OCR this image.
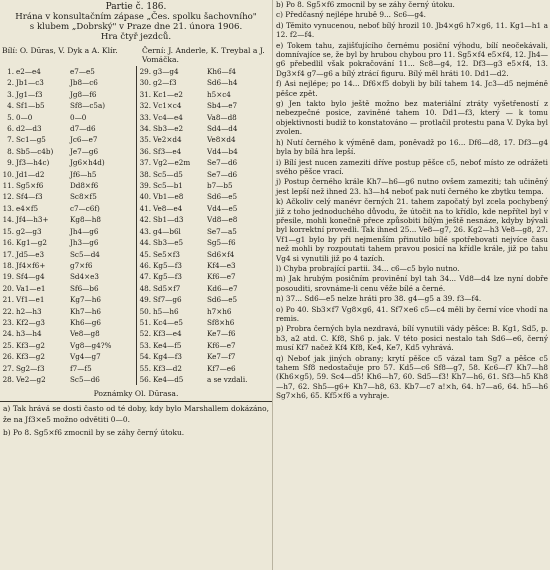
Partie č. 186.
Hrána v konsultačním zápase „Čes. spolku šachovního"
s klubem „Dobrský" v Praze dne 21. února 1906.
Hra čtyř jezdců.
Bílí: O. Dūras, V. Dyk a A. Klír.	Černí: J. Anderle, K. Treybal a J. Vomáčka.
1. e2—e4	e7—e5
2. Jb1—c3	Jb8—c6
3. Jg1—f3	Jg8—f6
4. Sf1—b5	Sf8—c5a)
5. 0—0	0—0
6. d2—d3	d7—d6
7. Sc1—g5	Jc6—e7
8. Sb5—c4b)	Je7—g6
9. Jf3—h4c)	Jg6×h4d)
10. Jd1—d2	Jf6—h5
11. Sg5×f6	Dd8×f6
12. Sf4—f3	Sc8×f5
13. e4×f5	c7—c6f)
14. Jf4—h3+	Kg8—h8
15. g2—g3	Jh4—g6
16. Kg1—g2	Jh3—g6
17. Jd5—e3	Sc5—d4
18. Jf4×f6+	g7×f6
19. Sf4—g4	Sd4×e3
20. Va1—e1	Sf6—b6
21. Vf1—e1	Kg7—h6
22. h2—h3	Kh7—h6
23. Kf2—g3	Kh6—g6
24. h3—h4	Ve8—g8
25. Kf3—g2	Vg8—g4?%
26. Kf3—g2	Vg4—g7
27. Sg2—f3	f7—f5
28. Ve2—g2	Sc5—d6
29. g3—g4	Kh6—f4
30. g2—f3	Sd6—h4
31. Kc1—e2	h5×c4
32. Vc1×c4	Sb4—e7
33. Vc4—e4	Va8—d8
34. Sb3—e2	Sd4—d4
35. Ve2×d4	Ve8×d4
36. Sf3—e4	Vd4—b4
37. Vg2—e2m	Se7—d6
38. Sc5—d5	Se7—d6
39. Sc5—b1	b7—b5
40. Vb1—e8	Sd6—e5
41. Ve8—e4	Vd4—e5
42. Sb1—d3	Vd8—e8
43. g4—b6l	Se7—a5
44. Sb3—e5	Sg5—f6
45. Se5×f3	Sd6×f4
46. Kg5—f3	Kf4—e3
47. Kg5—f3	Kf6—e7
48. Sd5×f7	Kd6—e7
49. Sf7—g6	Sd6—e5
50. h5—h6	h7×h6
51. Kc4—e5	Sf8×h6
52. Kf3—e4	Ke7—f6
53. Ke4—f5	Kf6—e7
54. Kg4—f3	Ke7—f7
55. Kf3—d2	Kf7—e6
56. Ke4—d5	a se vzdali.
Poznámky Ol. Dūrasa.
a) Tak hrává se dosti často od té doby, kdy bylo Marshallem dokázáno, že na Jf3×e5 možno odvětiti 0—0.
b) Po 8. Sg5×f6 zmocnil by se záhy černý útoku.
b) Po 8. Sg5×f6 zmocnil by se záhy černý útoku.
c) Předčasný nejlépe hrubě 9... Sc6—g4.
d) Těmito vynucenou, neboť bílý hrozil 10. Jb4×g6 h7×g6, 11. Kg1—h1 a 12. f2—f4.
e) Tokem tahu, zajišťujícího černému posiční výhodu, bílí neočekávali, domnívajíce se, že byl by hrubou chybou pro 11. Sg5×f4 e5×f4, 12. Jh4—g6 přebedlil však pokračování 11... Sc8—g4, 12. Df3—g3 e5×f4, 13. Dg3×f4 g7—g6 a bílý ztrácí figuru. Bílý měl hráti 10. Dd1—d2.
f) Asi nejlépe; po 14... Df6×f5 dobyli by bílí tahem 14. Jc3—d5 nejméně pěšce zpět.
g) Jen takto bylo ještě možno bez materiální ztráty vyšetřeností z nebezpečné posice, zaviněné tahem 10. Dd1—f3, který — k tomu objektivnosti budiž to konstatováno — protlačil protestu pana V. Dyka byl zvolen.
h) Nutí černého k výměně dam, poněvadž po 16... Df6—d8, 17. Df3—g4 byla by bílá hra lepší.
i) Bílí jest nucen zameziti dříve postup pěšce c5, neboť místo ze odrážeti svého pěšce vrací.
j) Postup černého krále Kh7—h6—g6 nutno ovšem zameziti; tah učiněný jest lepší než ihned 23. h3—h4 neboť pak nutí černého ke zbytku tempa.
k) Ačkoliv celý manévr černých 21. tahem započatý byl zcela pochybený již z toho jednoduchého důvodu, že útočit na to křídlo, kde nepřítel byl v přesile, mohli konečně přece způsobiti bílým ještě nesnáze, kdyby bývali byl korrektní provedli. Tak ihned 25... Ve8—g7, 26. Kg2—h3 Ve8—g8, 27. Vf1—g1 bylo by při nejmenším přinutilo bílé spotřebovati nejvíce času než mohli by rozpoutati tahem pravou posicí na křídle krále, již po tahu Vg4 si vynutili již po 4 tazích.
l) Chyba probrající partii. 34... c6—c5 bylo nutno.
m) Jak hrubým posičním provinění byl tah 34... Vd8—d4 lze nyní dobře posouditi, srovnáme-li cenu věže bílé a černé.
n) 37... Sd6—e5 nelze hráti pro 38. g4—g5 a 39. f3—f4.
o) Po 40. Sb3×f7 Vg8×g6, 41. Sf7×e6 c5—c4 měli by černí více vhodí na remis.
p) Probra černých byla nezdravá, bílí vynutili vády pěšce: B. Kg1, Sd5, p. b3, a2 atd. C. Kf8, Sh6 p. jak. V této posici nestalo tah Sd6—e6, černý musí Kf7 načež Kf4 Kf8, Ke4, Ke7, Kd5 vyhrává.
q) Neboť jak jiných obrany; krytí pěšce c5 vázal tam Sg7 a pěšce c5 tahem Sf8 nedostačuje pro 57. Kd5—c6 Sf8—g7, 58. Kc6—f7 Kh7—h8 (Kh6×g5), 59. Sc4—d5! Kh6—h7, 60. Sd5—f3! Kh7—h6, 61. Sf3—h5 Kh8—h7, 62. Sh5—g6+ Kh7—h8, 63. Kb7—c7 a!×h, 64. h7—a6, 64. h5—h6 Sg7×h6, 65. Kf5×f6 a vyhraje.
